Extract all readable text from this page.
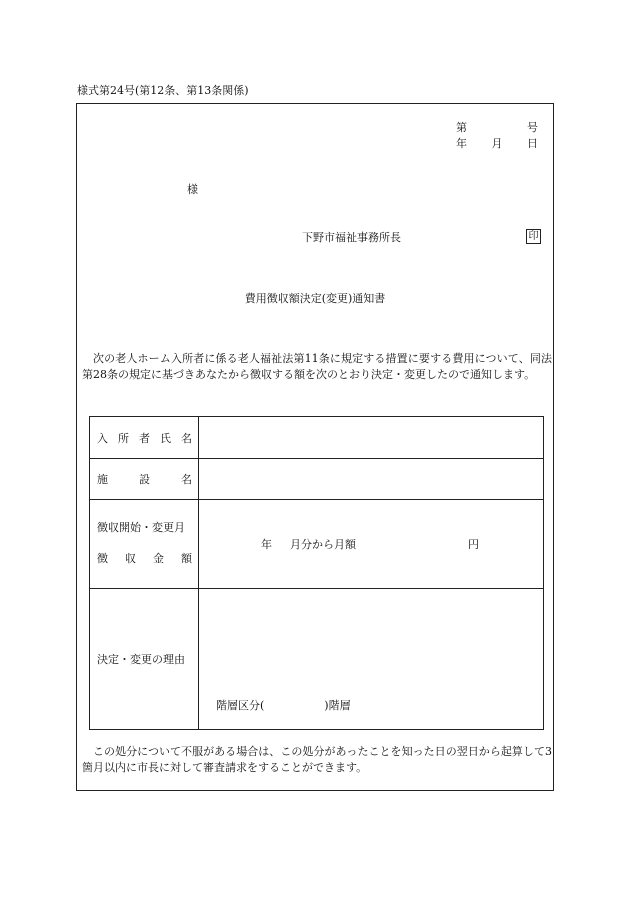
様式第24号(第12条、第13条関係)
第	号
年 月 日
様
下野市福祉事務所長	印
費用徴収額決定(変更)通知書
次の老人ホーム入所者に係る老人福祉法第11条に規定する措置に要する費用について、同法第28条の規定に基づきあなたから徴収する額を次のとおり決定・変更したので通知します。
入 所 者 氏 名	

施 設 名	

徴収開始・変更月
徴 収 金 額	年 月分から月額 円

決定・変更の理由	階層区分( )階層
この処分について不服がある場合は、この処分があったことを知った日の翌日から起算して3箇月以内に市長に対して審査請求をすることができます。
